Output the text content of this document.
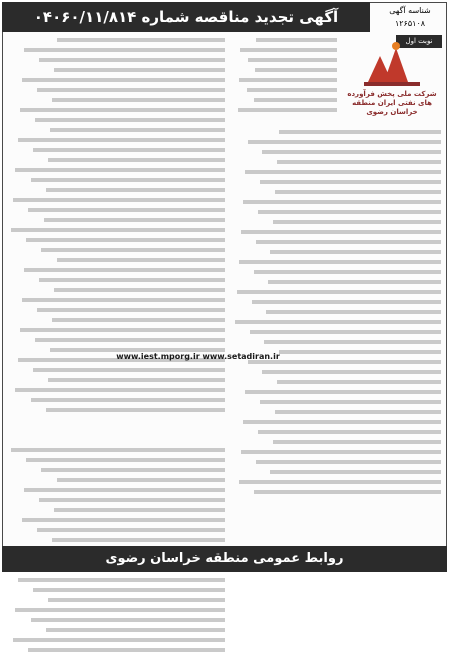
آگهی تجدید مناقصه شماره ۰۴۰۶۰/۱۱/۸۱۴	شناسه آگهی
۱۲۶۵۱۰۸
نوبت اول
شرکت ملی پخش فرآورده های نفتی ایران منطقه خراسان رضوی
www.iest.mporg.ir www.setadiran.ir
روابط عمومی منطقه خراسان رضوی
